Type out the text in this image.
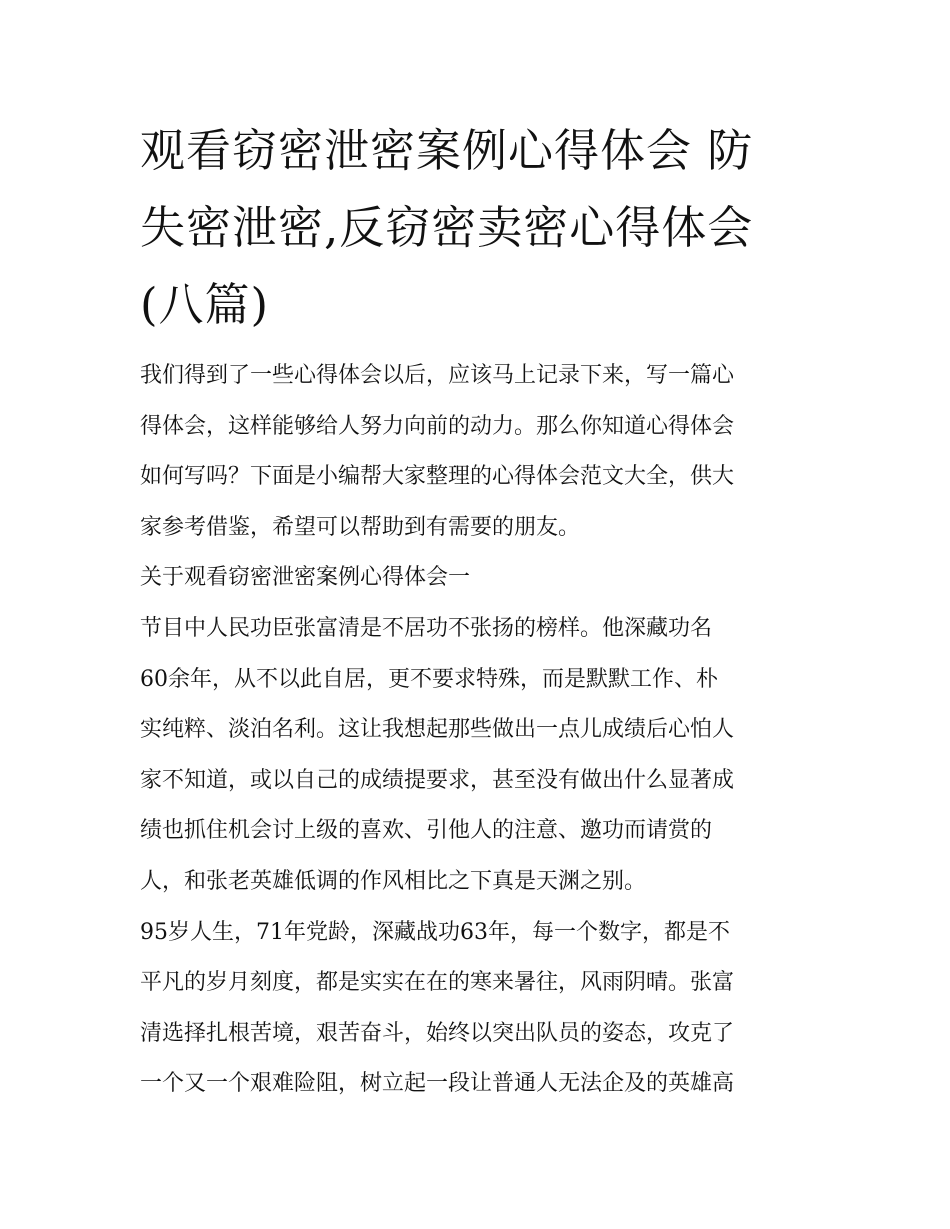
观看窃密泄密案例心得体会 防
失密泄密,反窃密卖密心得体会
(八篇)
我们得到了一些心得体会以后，应该马上记录下来，写一篇心
得体会，这样能够给人努力向前的动力。那么你知道心得体会
如何写吗？下面是小编帮大家整理的心得体会范文大全，供大
家参考借鉴，希望可以帮助到有需要的朋友。
关于观看窃密泄密案例心得体会一
节目中人民功臣张富清是不居功不张扬的榜样。他深藏功名
60余年，从不以此自居，更不要求特殊，而是默默工作、朴
实纯粹、淡泊名利。这让我想起那些做出一点儿成绩后心怕人
家不知道，或以自己的成绩提要求，甚至没有做出什么显著成
绩也抓住机会讨上级的喜欢、引他人的注意、邀功而请赏的
人，和张老英雄低调的作风相比之下真是天渊之别。
95岁人生，71年党龄，深藏战功63年，每一个数字，都是不
平凡的岁月刻度，都是实实在在的寒来暑往，风雨阴晴。张富
清选择扎根苦境，艰苦奋斗，始终以突出队员的姿态，攻克了
一个又一个艰难险阻，树立起一段让普通人无法企及的英雄高
